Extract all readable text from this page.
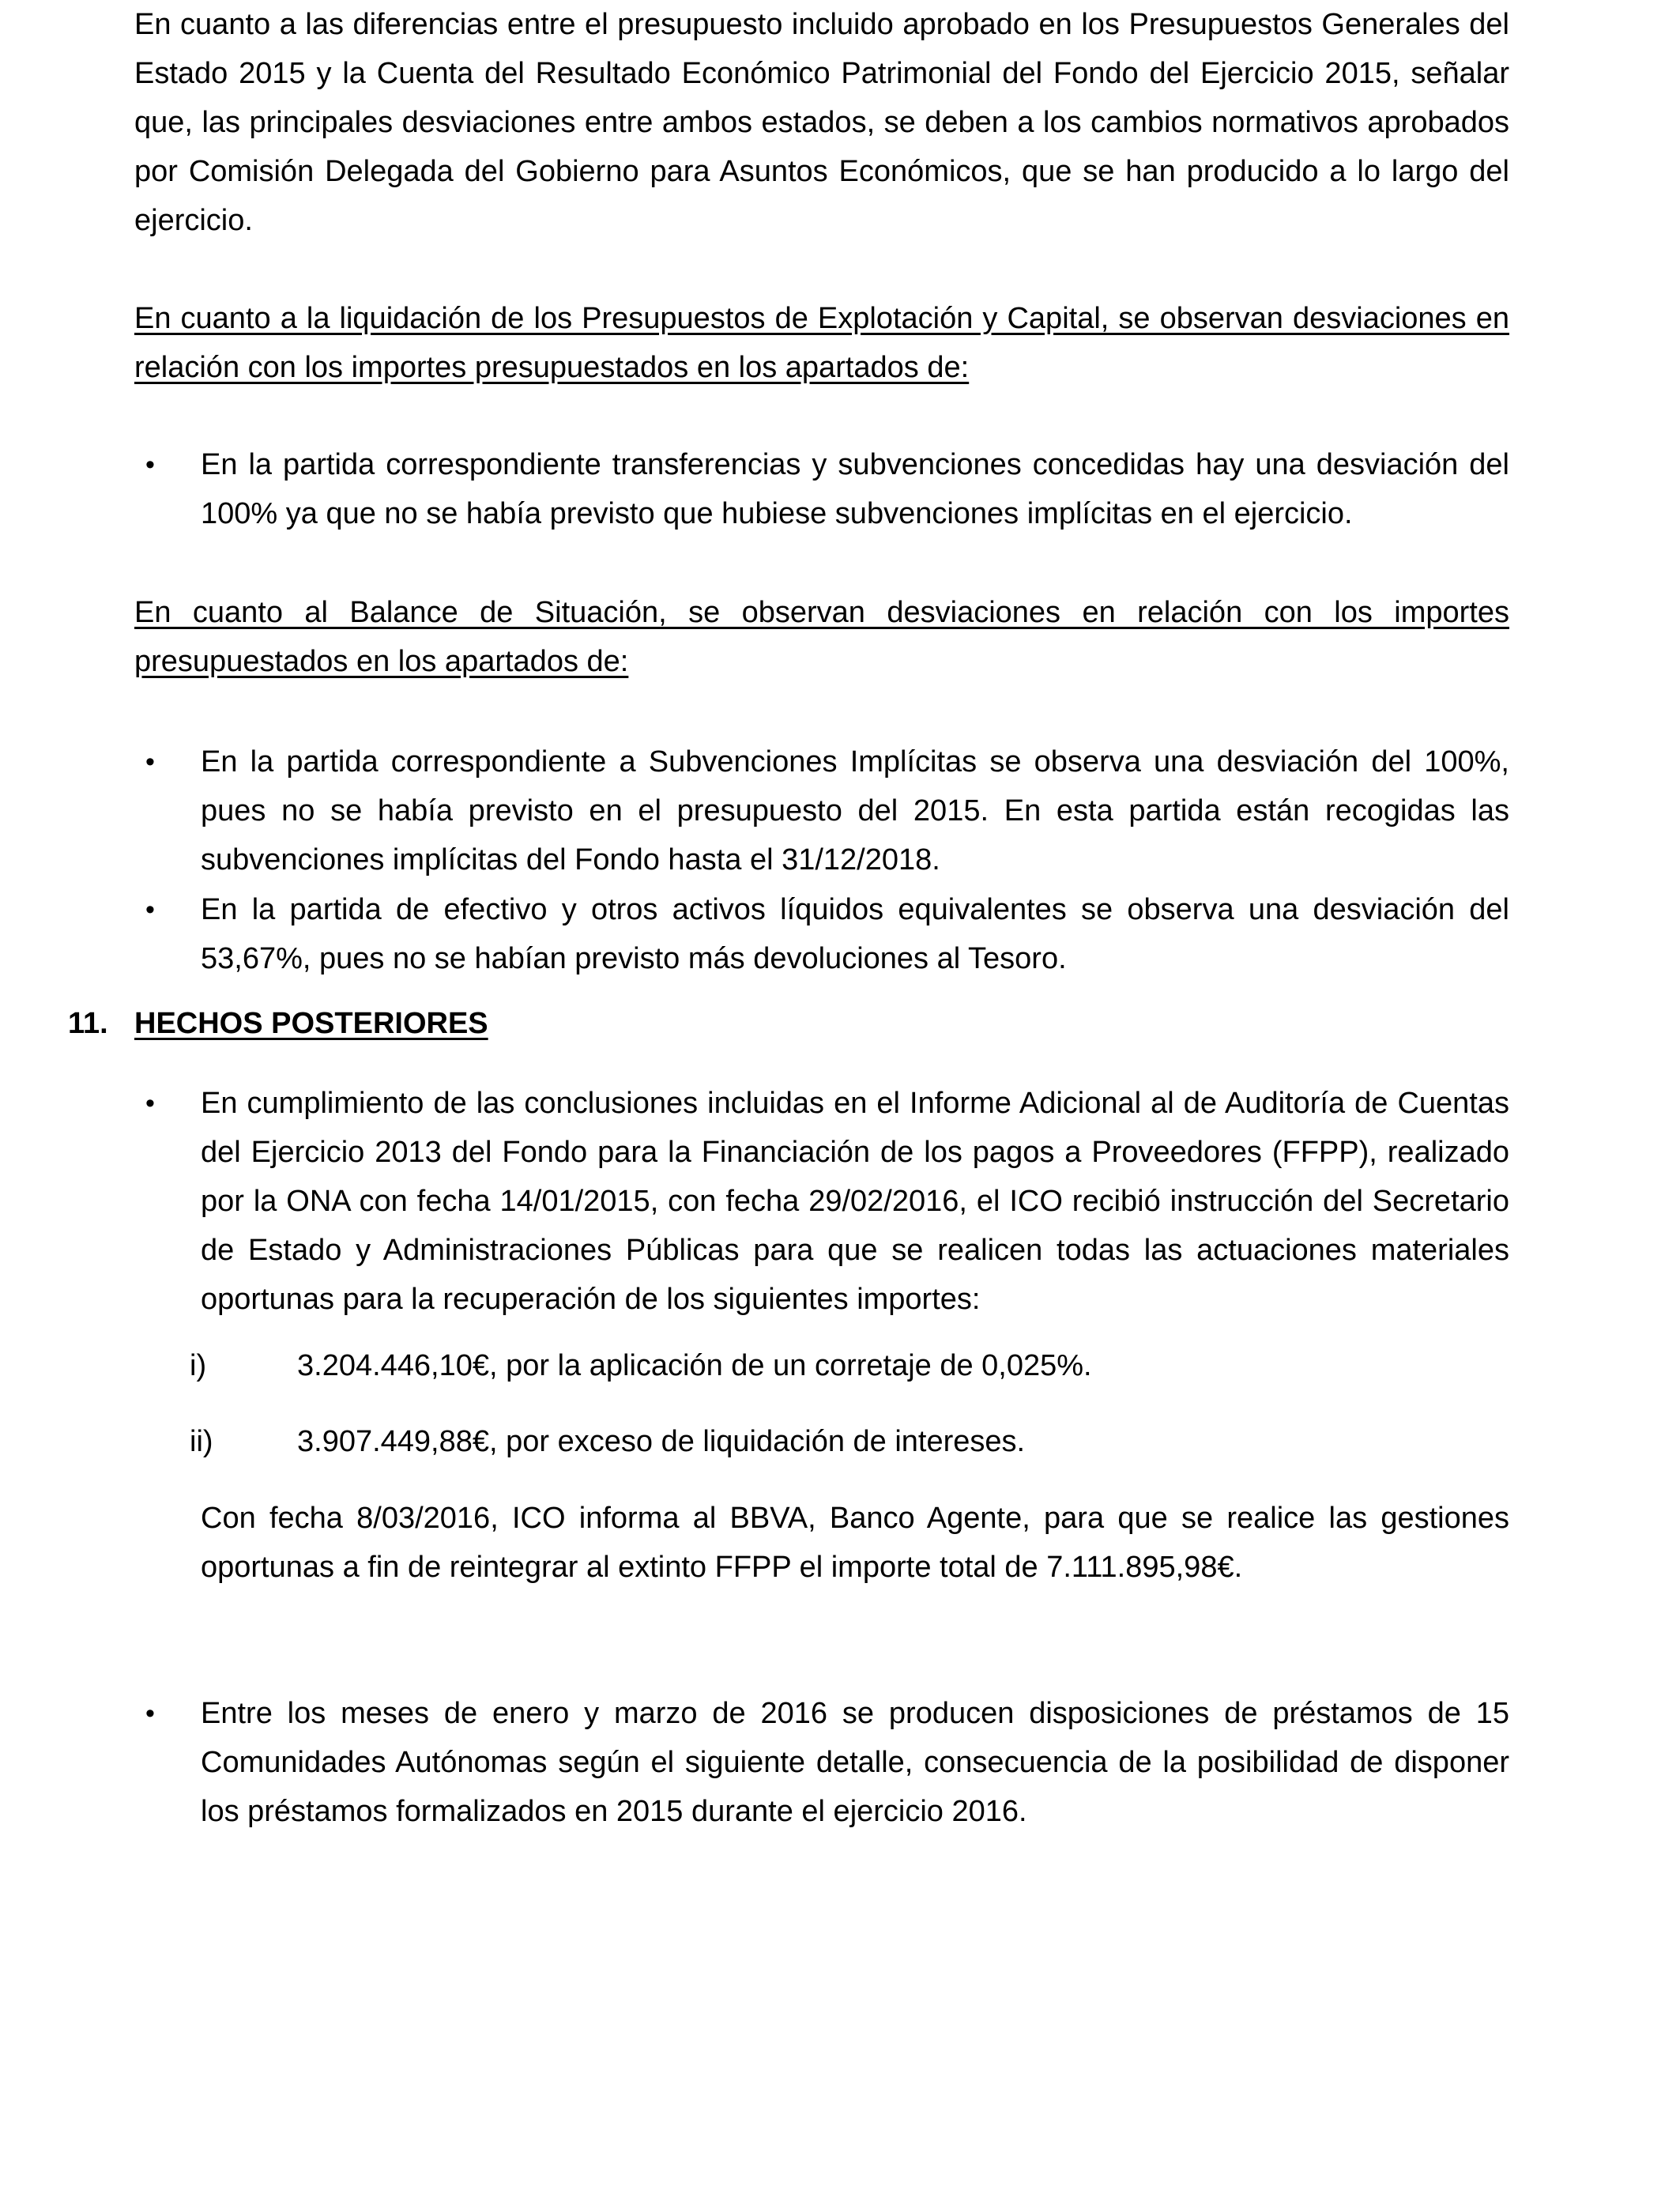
En cuanto a las diferencias entre el presupuesto incluido aprobado en los Presupuestos Generales del Estado 2015 y la Cuenta del Resultado Económico Patrimonial del Fondo del Ejercicio 2015, señalar que, las principales desviaciones entre ambos estados, se deben a los cambios normativos aprobados por Comisión Delegada del Gobierno para Asuntos Económicos, que se han producido a lo largo del ejercicio.

En cuanto a la liquidación de los Presupuestos de Explotación y Capital, se observan desviaciones en relación con los importes presupuestados en los apartados de:

•	En la partida correspondiente transferencias y subvenciones concedidas hay una desviación del 100% ya que no se había previsto que hubiese subvenciones implícitas en el ejercicio.

En cuanto al Balance de Situación, se observan desviaciones en relación con los importes presupuestados en los apartados de:

•	En la partida correspondiente a Subvenciones Implícitas se observa una desviación del 100%, pues no se había previsto en el presupuesto del 2015. En esta partida están recogidas las subvenciones implícitas del Fondo hasta el 31/12/2018.
•	En la partida de efectivo y otros activos líquidos equivalentes se observa una desviación del 53,67%, pues no se habían previsto más devoluciones al Tesoro.
11. HECHOS POSTERIORES
•	En cumplimiento de las conclusiones incluidas en el Informe Adicional al de Auditoría de Cuentas del Ejercicio 2013 del Fondo para la Financiación de los pagos a Proveedores (FFPP), realizado por la ONA con fecha 14/01/2015, con fecha 29/02/2016, el ICO recibió instrucción del Secretario de Estado y Administraciones Públicas para que se realicen todas las actuaciones materiales oportunas para la recuperación de los siguientes importes:
i)	3.204.446,10€, por la aplicación de un corretaje de 0,025%.
ii)	3.907.449,88€, por exceso de liquidación de intereses.
Con fecha 8/03/2016, ICO informa al BBVA, Banco Agente, para que se realice las gestiones oportunas a fin de reintegrar al extinto FFPP el importe total de 7.111.895,98€.
•	Entre los meses de enero y marzo de 2016 se producen disposiciones de préstamos de 15 Comunidades Autónomas según el siguiente detalle, consecuencia de la posibilidad de disponer los préstamos formalizados en 2015 durante el ejercicio 2016.
